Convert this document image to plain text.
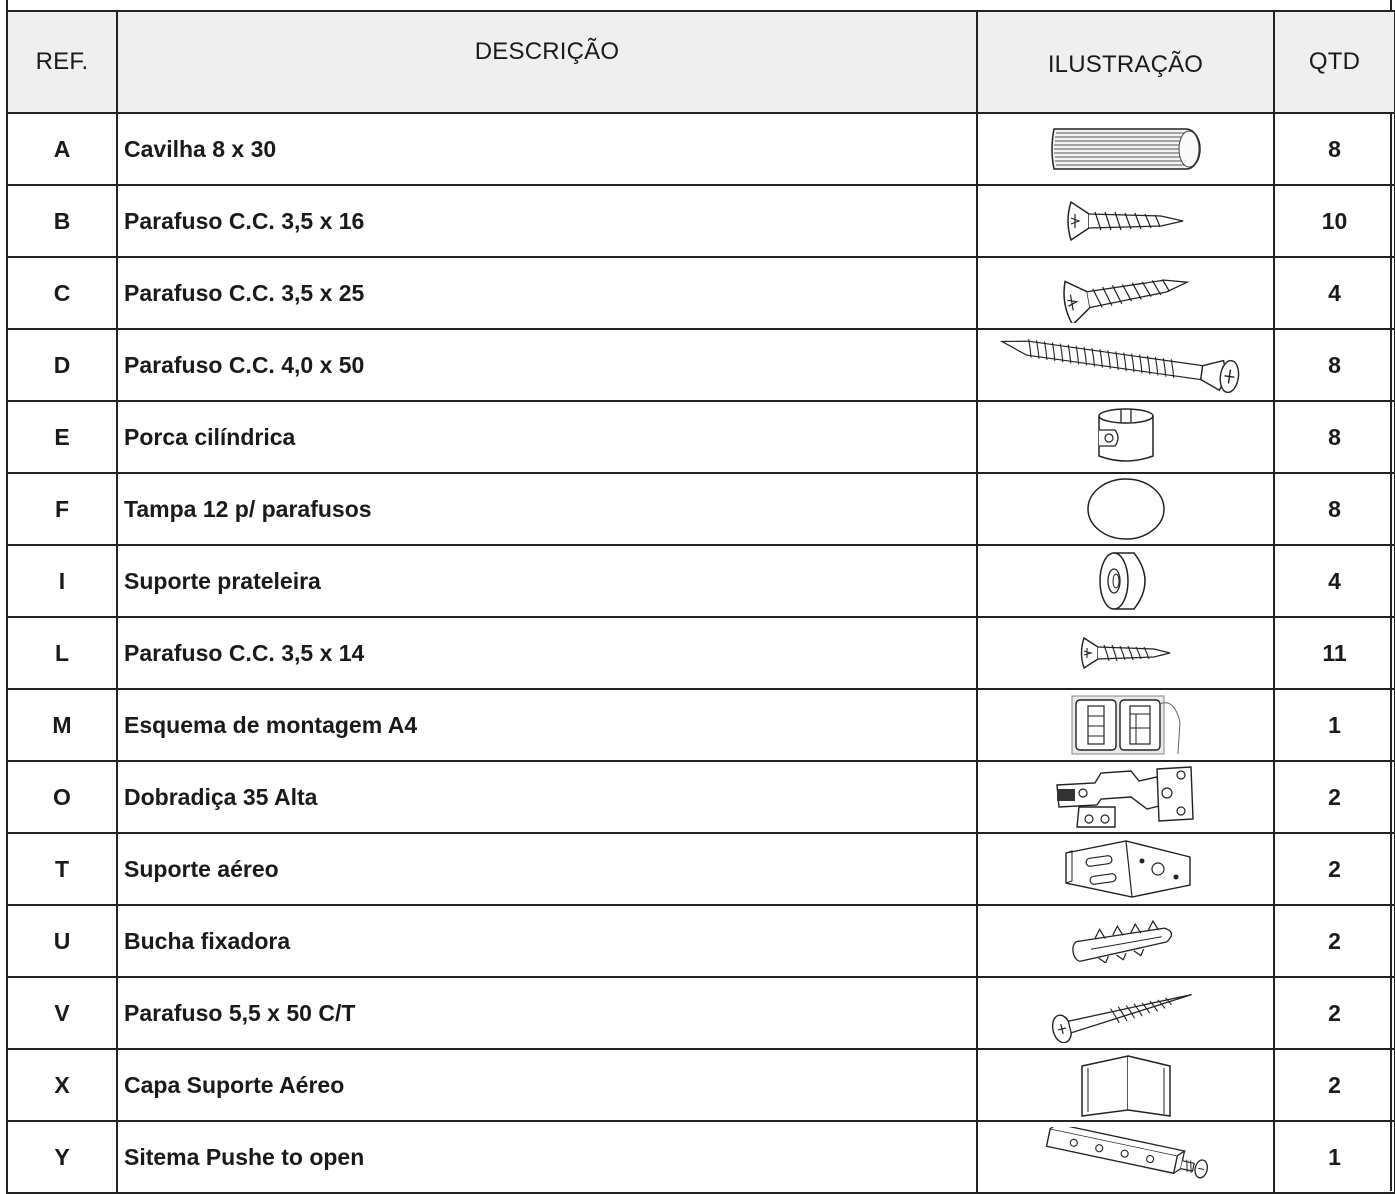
REF.	DESCRIÇÃO	ILUSTRAÇÃO	QTD
A	Cavilha 8 x 30		8
B	Parafuso C.C. 3,5 x 16		10
C	Parafuso C.C. 3,5 x 25		4
D	Parafuso C.C. 4,0 x 50		8
E	Porca cilíndrica		8
F	Tampa 12 p/ parafusos		8
I	Suporte prateleira		4
L	Parafuso C.C. 3,5 x 14		11
M	Esquema de montagem A4		1
O	Dobradiça 35 Alta		2
T	Suporte aéreo		2
U	Bucha fixadora		2
V	Parafuso 5,5 x 50 C/T		2
X	Capa Suporte Aéreo		2
Y	Sitema Pushe to open		1
